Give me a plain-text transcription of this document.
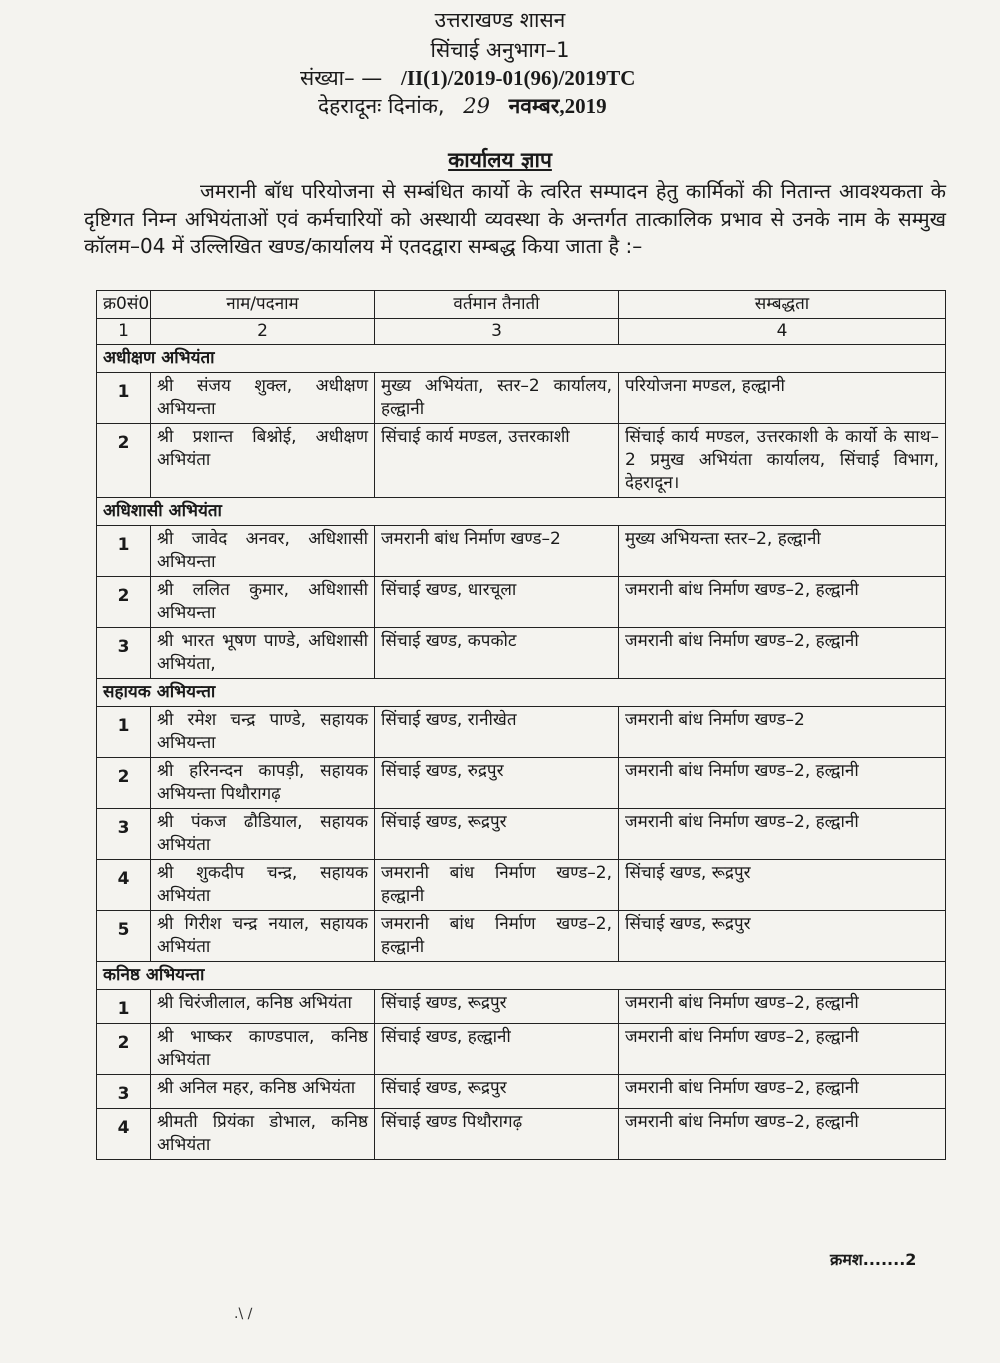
उत्तराखण्ड शासन
सिंचाई अनुभाग–1
संख्या– — /II(1)/2019-01(96)/2019TC
देहरादूनः दिनांक, 29 नवम्बर,2019
कार्यालय ज्ञाप
जमरानी बॉध परियोजना से सम्बंधित कार्यो के त्वरित सम्पादन हेतु कार्मिकों की नितान्त आवश्यकता के दृष्टिगत निम्न अभियंताओं एवं कर्मचारियों को अस्थायी व्यवस्था के अन्तर्गत तात्कालिक प्रभाव से उनके नाम के सम्मुख कॉलम–04 में उल्लिखित खण्ड/कार्यालय में एतदद्वारा सम्बद्ध किया जाता है :–
क्र0सं0	नाम/पदनाम	वर्तमान तैनाती	सम्बद्धता
1	2	3	4
अधीक्षण अभियंता			
1	श्री संजय शुक्ल, अधीक्षण अभियन्ता	मुख्य अभियंता, स्तर–2 कार्यालय, हल्द्वानी	परियोजना मण्डल, हल्द्वानी
2	श्री प्रशान्त बिश्नोई, अधीक्षण अभियंता	सिंचाई कार्य मण्डल, उत्तरकाशी	सिंचाई कार्य मण्डल, उत्तरकाशी के कार्यो के साथ–2 प्रमुख अभियंता कार्यालय, सिंचाई विभाग, देहरादून।
अधिशासी अभियंता			
1	श्री जावेद अनवर, अधिशासी अभियन्ता	जमरानी बांध निर्माण खण्ड–2	मुख्य अभियन्ता स्तर–2, हल्द्वानी
2	श्री ललित कुमार, अधिशासी अभियन्ता	सिंचाई खण्ड, धारचूला	जमरानी बांध निर्माण खण्ड–2, हल्द्वानी
3	श्री भारत भूषण पाण्डे, अधिशासी अभियंता,	सिंचाई खण्ड, कपकोट	जमरानी बांध निर्माण खण्ड–2, हल्द्वानी
सहायक अभियन्ता			
1	श्री रमेश चन्द्र पाण्डे, सहायक अभियन्ता	सिंचाई खण्ड, रानीखेत	जमरानी बांध निर्माण खण्ड–2
2	श्री हरिनन्दन कापड़ी, सहायक अभियन्ता पिथौरागढ़	सिंचाई खण्ड, रुद्रपुर	जमरानी बांध निर्माण खण्ड–2, हल्द्वानी
3	श्री पंकज ढौडियाल, सहायक अभियंता	सिंचाई खण्ड, रूद्रपुर	जमरानी बांध निर्माण खण्ड–2, हल्द्वानी
4	श्री शुकदीप चन्द्र, सहायक अभियंता	जमरानी बांध निर्माण खण्ड–2, हल्द्वानी	सिंचाई खण्ड, रूद्रपुर
5	श्री गिरीश चन्द्र नयाल, सहायक अभियंता	जमरानी बांध निर्माण खण्ड–2, हल्द्वानी	सिंचाई खण्ड, रूद्रपुर
कनिष्ठ अभियन्ता			
1	श्री चिरंजीलाल, कनिष्ठ अभियंता	सिंचाई खण्ड, रूद्रपुर	जमरानी बांध निर्माण खण्ड–2, हल्द्वानी
2	श्री भाष्कर काण्डपाल, कनिष्ठ अभियंता	सिंचाई खण्ड, हल्द्वानी	जमरानी बांध निर्माण खण्ड–2, हल्द्वानी
3	श्री अनिल महर, कनिष्ठ अभियंता	सिंचाई खण्ड, रूद्रपुर	जमरानी बांध निर्माण खण्ड–2, हल्द्वानी
4	श्रीमती प्रियंका डोभाल, कनिष्ठ अभियंता	सिंचाई खण्ड पिथौरागढ़	जमरानी बांध निर्माण खण्ड–2, हल्द्वानी
क्रमश.......2
.\ ∕
